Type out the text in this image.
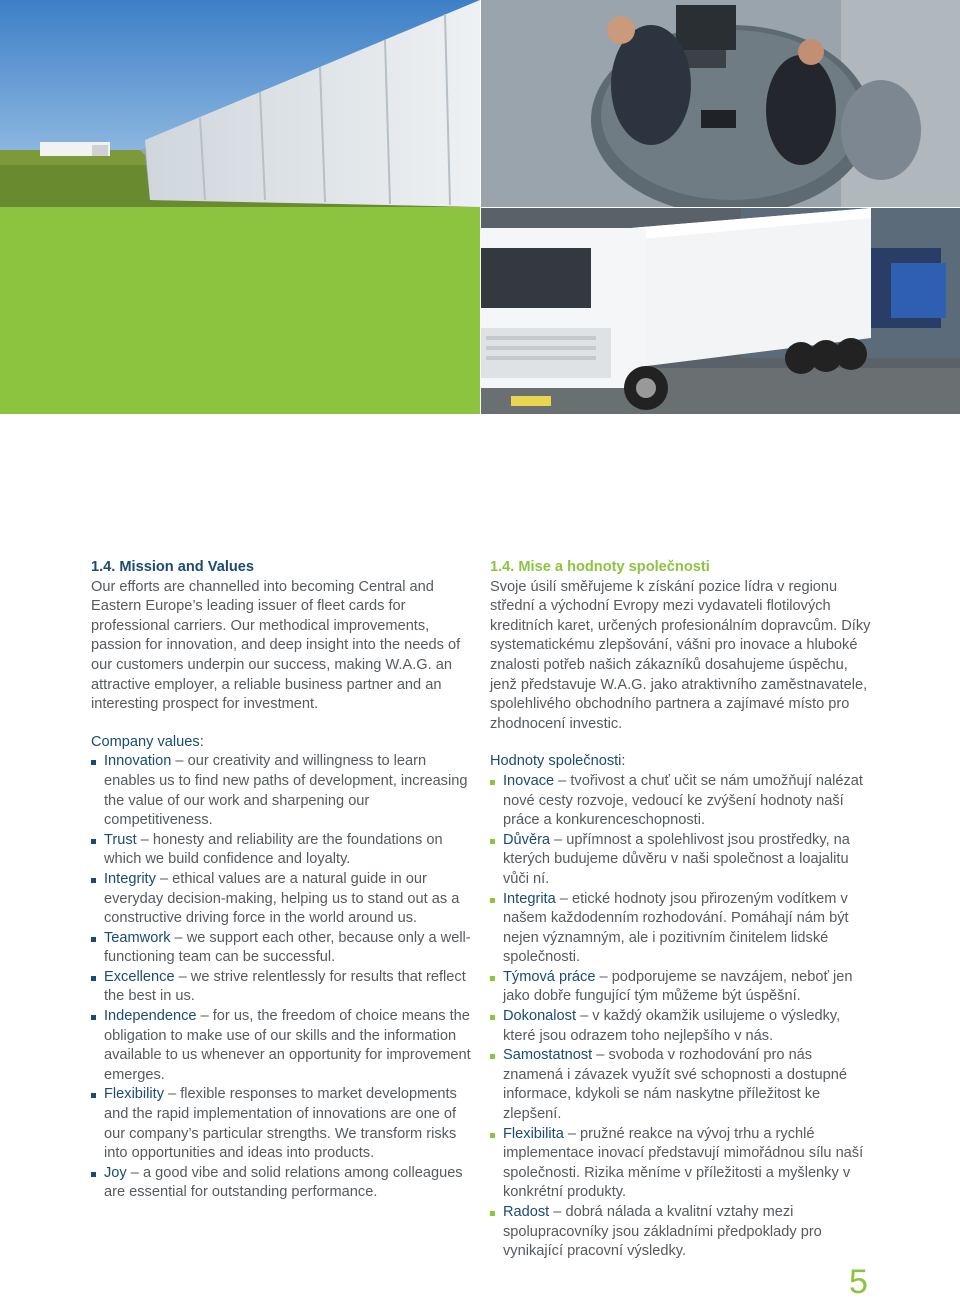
1.4. Mission and Values

Our efforts are channelled into becoming Central and Eastern Europe’s leading issuer of fleet cards for professional carriers. Our methodical improvements, passion for innovation, and deep insight into the needs of our customers underpin our success, making W.A.G. an attractive employer, a reliable business partner and an interesting prospect for investment.

Company values:

Innovation – our creativity and willingness to learn enables us to find new paths of development, increasing the value of our work and sharpening our competitiveness.
Trust – honesty and reliability are the foundations on which we build confidence and loyalty.
Integrity – ethical values are a natural guide in our everyday decision-making, helping us to stand out as a constructive driving force in the world around us.
Teamwork – we support each other, because only a well-functioning team can be successful.
Excellence – we strive relentlessly for results that reflect the best in us.
Independence – for us, the freedom of choice means the obligation to make use of our skills and the information available to us whenever an opportunity for improvement emerges.
Flexibility – flexible responses to market developments and the rapid implementation of innovations are one of our company’s particular strengths. We transform risks into opportunities and ideas into products.
Joy – a good vibe and solid relations among colleagues are essential for outstanding performance.

1.4. Mise a hodnoty společnosti

Svoje úsilí směřujeme k získání pozice lídra v regionu střední a východní Evropy mezi vydavateli flotilových kreditních karet, určených profesionálním dopravcům. Díky systematickému zlepšování, vášni pro inovace a hluboké znalosti potřeb našich zákazníků dosahujeme úspěchu, jenž představuje W.A.G. jako atraktivního zaměstnavatele, spolehlivého obchodního partnera a zajímavé místo pro zhodnocení investic.

Hodnoty společnosti:

Inovace – tvořivost a chuť učit se nám umožňují nalézat nové cesty rozvoje, vedoucí ke zvýšení hodnoty naší práce a konkurenceschopnosti.
Důvěra – upřímnost a spolehlivost jsou prostředky, na kterých budujeme důvěru v naši společnost a loajalitu vůči ní.
Integrita – etické hodnoty jsou přirozeným vodítkem v našem každodenním rozhodování. Pomáhají nám být nejen významným, ale i pozitivním činitelem lidské společnosti.
Týmová práce – podporujeme se navzájem, neboť jen jako dobře fungující tým můžeme být úspěšní.
Dokonalost – v každý okamžik usilujeme o výsledky, které jsou odrazem toho nejlepšího v nás.
Samostatnost – svoboda v rozhodování pro nás znamená i závazek využít své schopnosti a dostupné informace, kdykoli se nám naskytne příležitost ke zlepšení.
Flexibilita – pružné reakce na vývoj trhu a rychlé implementace inovací představují mimořádnou sílu naší společnosti. Rizika měníme v příležitosti a myšlenky v konkrétní produkty.
Radost – dobrá nálada a kvalitní vztahy mezi spolupracovníky jsou základními předpoklady pro vynikající pracovní výsledky.
5
